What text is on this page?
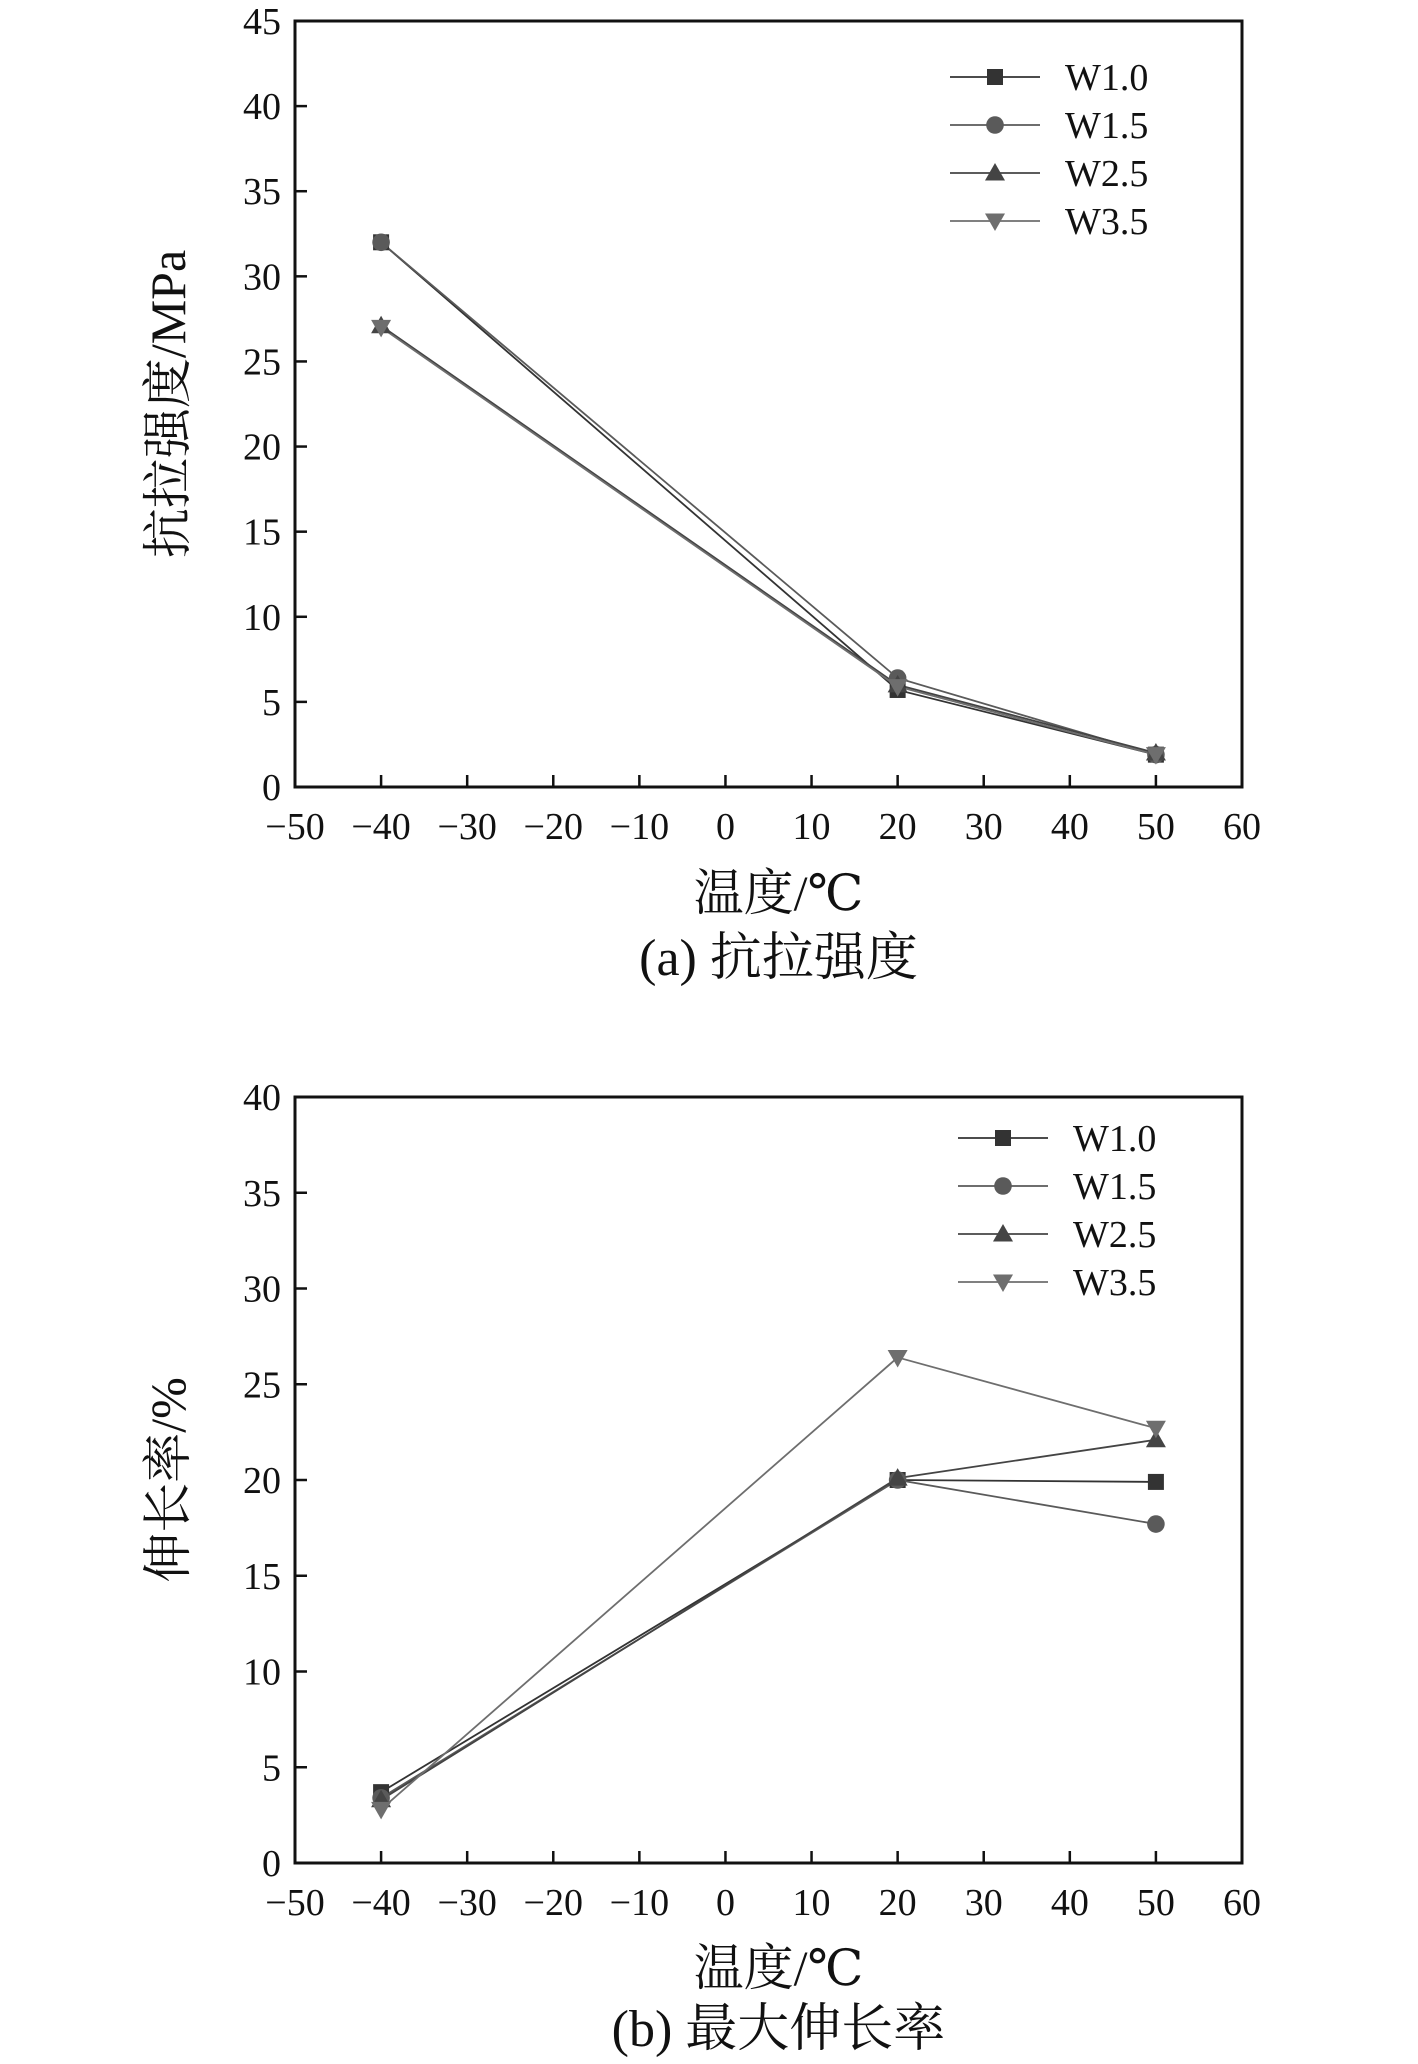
−50 −40 −30 −20 −10 0 10 20 30 40 50 60
0
5
10
15
20
25
30
35
40
45
温度/℃
抗拉强度/MPa
(a) 抗拉强度
W1.0
W1.5
W2.5
W3.5
−50 −40 −30 −20 −10 0 10 20 30 40 50 60
0
5
10
15
20
25
30
35
40
温度/℃
伸长率/%
(b) 最大伸长率
W1.0
W1.5
W2.5
W3.5
